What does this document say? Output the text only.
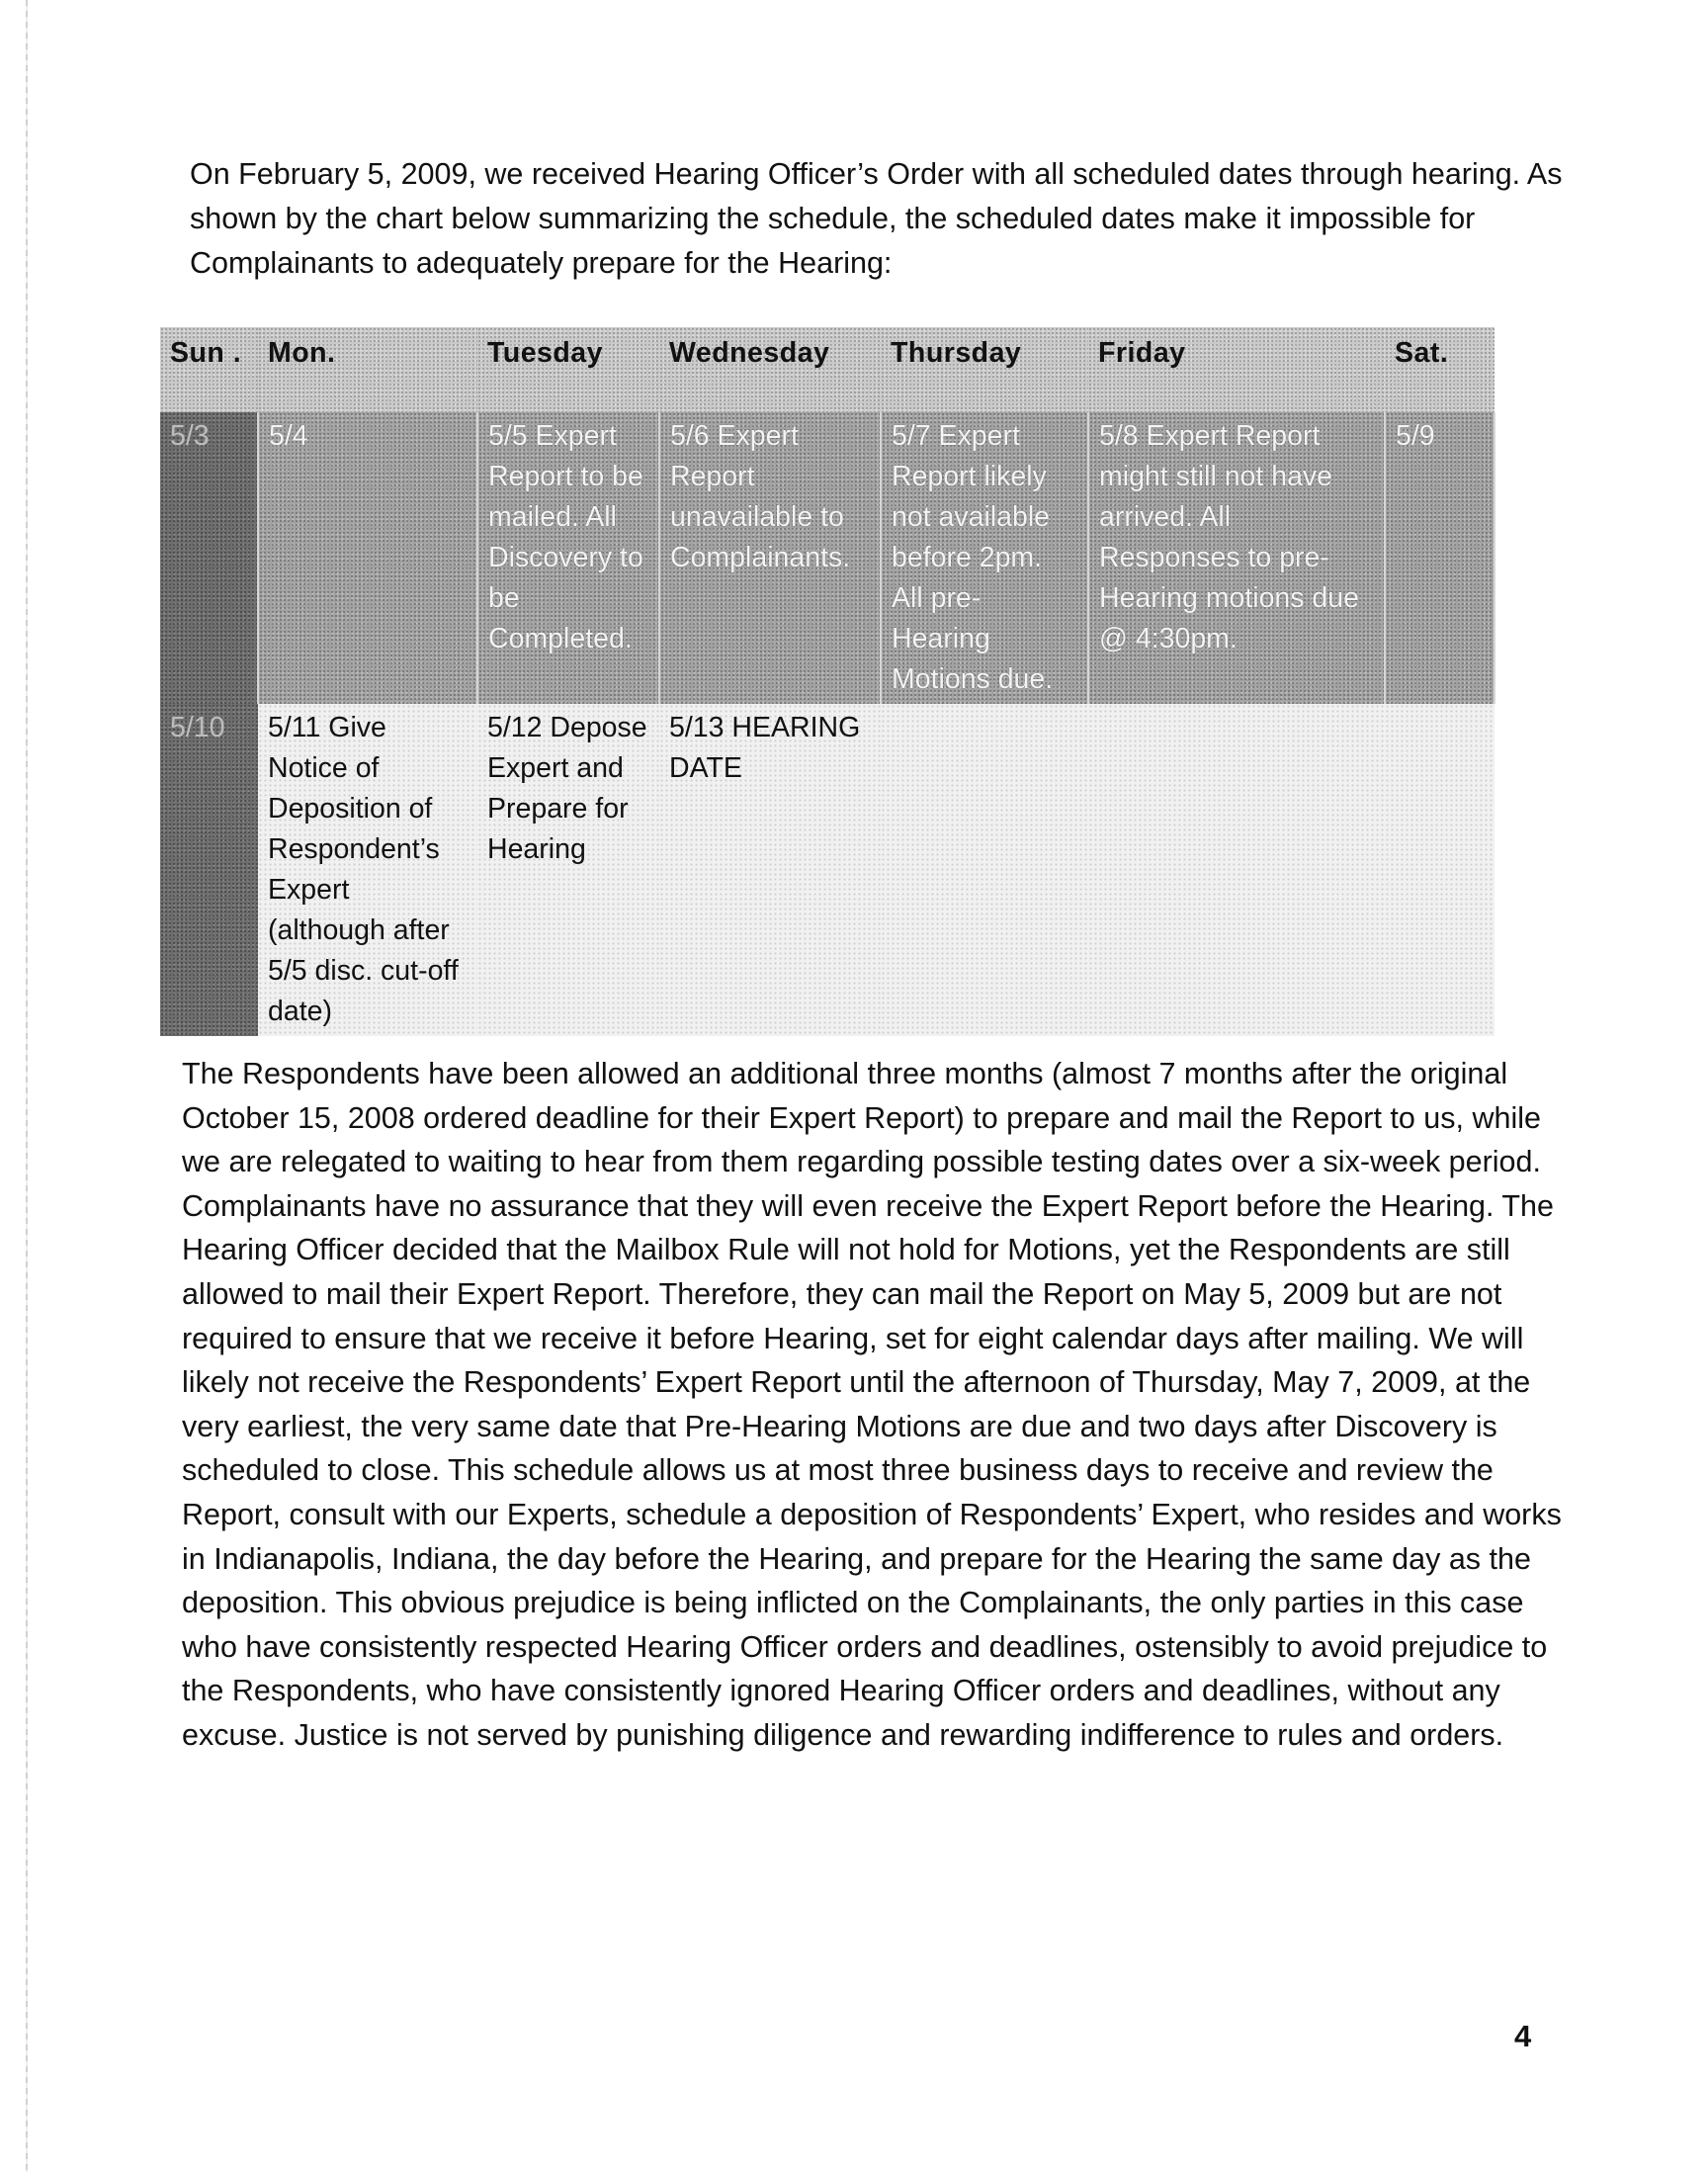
On February 5, 2009, we received Hearing Officer’s Order with all scheduled dates through hearing. As shown by the chart below summarizing the schedule, the scheduled dates make it impossible for Complainants to adequately prepare for the Hearing:

Sun .	Mon.	Tuesday	Wednesday	Thursday	Friday	Sat.
5/3	5/4	5/5 Expert Report to be mailed. All Discovery to be Completed.	5/6 Expert Report unavailable to Complainants.	5/7 Expert Report likely not available before 2pm. All pre-Hearing Motions due.	5/8 Expert Report might still not have arrived. All Responses to pre-Hearing motions due @ 4:30pm.	5/9
5/10	5/11 Give Notice of Deposition of Respondent’s Expert (although after 5/5 disc. cut-off date)	5/12 Depose Expert and Prepare for Hearing	5/13 HEARING DATE			

The Respondents have been allowed an additional three months (almost 7 months after the original October 15, 2008 ordered deadline for their Expert Report) to prepare and mail the Report to us, while we are relegated to waiting to hear from them regarding possible testing dates over a six-week period. Complainants have no assurance that they will even receive the Expert Report before the Hearing. The Hearing Officer decided that the Mailbox Rule will not hold for Motions, yet the Respondents are still allowed to mail their Expert Report. Therefore, they can mail the Report on May 5, 2009 but are not required to ensure that we receive it before Hearing, set for eight calendar days after mailing. We will likely not receive the Respondents’ Expert Report until the afternoon of Thursday, May 7, 2009, at the very earliest, the very same date that Pre-Hearing Motions are due and two days after Discovery is scheduled to close. This schedule allows us at most three business days to receive and review the Report, consult with our Experts, schedule a deposition of Respondents’ Expert, who resides and works in Indianapolis, Indiana, the day before the Hearing, and prepare for the Hearing the same day as the deposition. This obvious prejudice is being inflicted on the Complainants, the only parties in this case who have consistently respected Hearing Officer orders and deadlines, ostensibly to avoid prejudice to the Respondents, who have consistently ignored Hearing Officer orders and deadlines, without any excuse. Justice is not served by punishing diligence and rewarding indifference to rules and orders.

4
